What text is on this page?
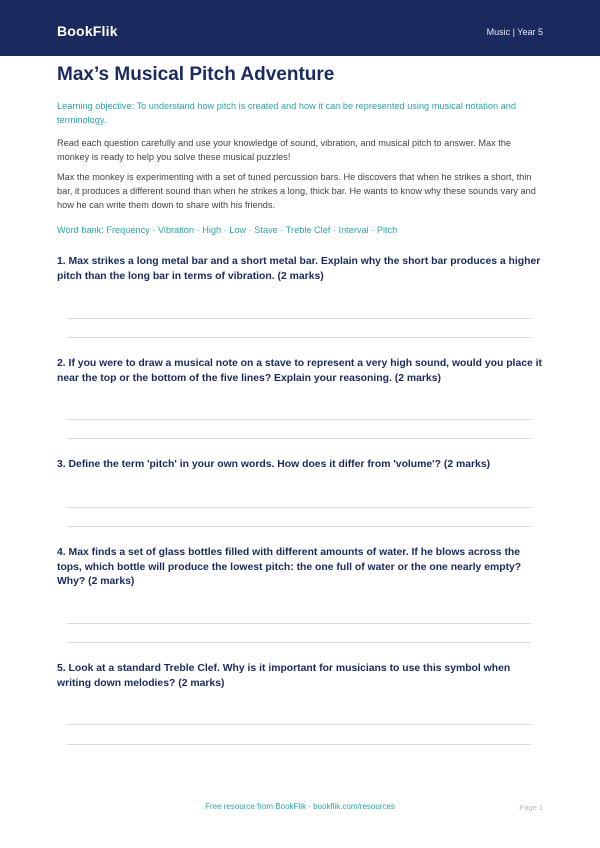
BookFlik	Music | Year 5
Max’s Musical Pitch Adventure
Learning objective: To understand how pitch is created and how it can be represented using musical notation and terminology.
Read each question carefully and use your knowledge of sound, vibration, and musical pitch to answer. Max the monkey is ready to help you solve these musical puzzles!
Max the monkey is experimenting with a set of tuned percussion bars. He discovers that when he strikes a short, thin bar, it produces a different sound than when he strikes a long, thick bar. He wants to know why these sounds vary and how he can write them down to share with his friends.
Word bank: Frequency · Vibration · High · Low · Stave · Treble Clef · Interval · Pitch
1. Max strikes a long metal bar and a short metal bar. Explain why the short bar produces a higher pitch than the long bar in terms of vibration. (2 marks)
2. If you were to draw a musical note on a stave to represent a very high sound, would you place it near the top or the bottom of the five lines? Explain your reasoning. (2 marks)
3. Define the term 'pitch' in your own words. How does it differ from 'volume'? (2 marks)
4. Max finds a set of glass bottles filled with different amounts of water. If he blows across the tops, which bottle will produce the lowest pitch: the one full of water or the one nearly empty? Why? (2 marks)
5. Look at a standard Treble Clef. Why is it important for musicians to use this symbol when writing down melodies? (2 marks)
Free resource from BookFlik · bookflik.com/resources	Page 1
